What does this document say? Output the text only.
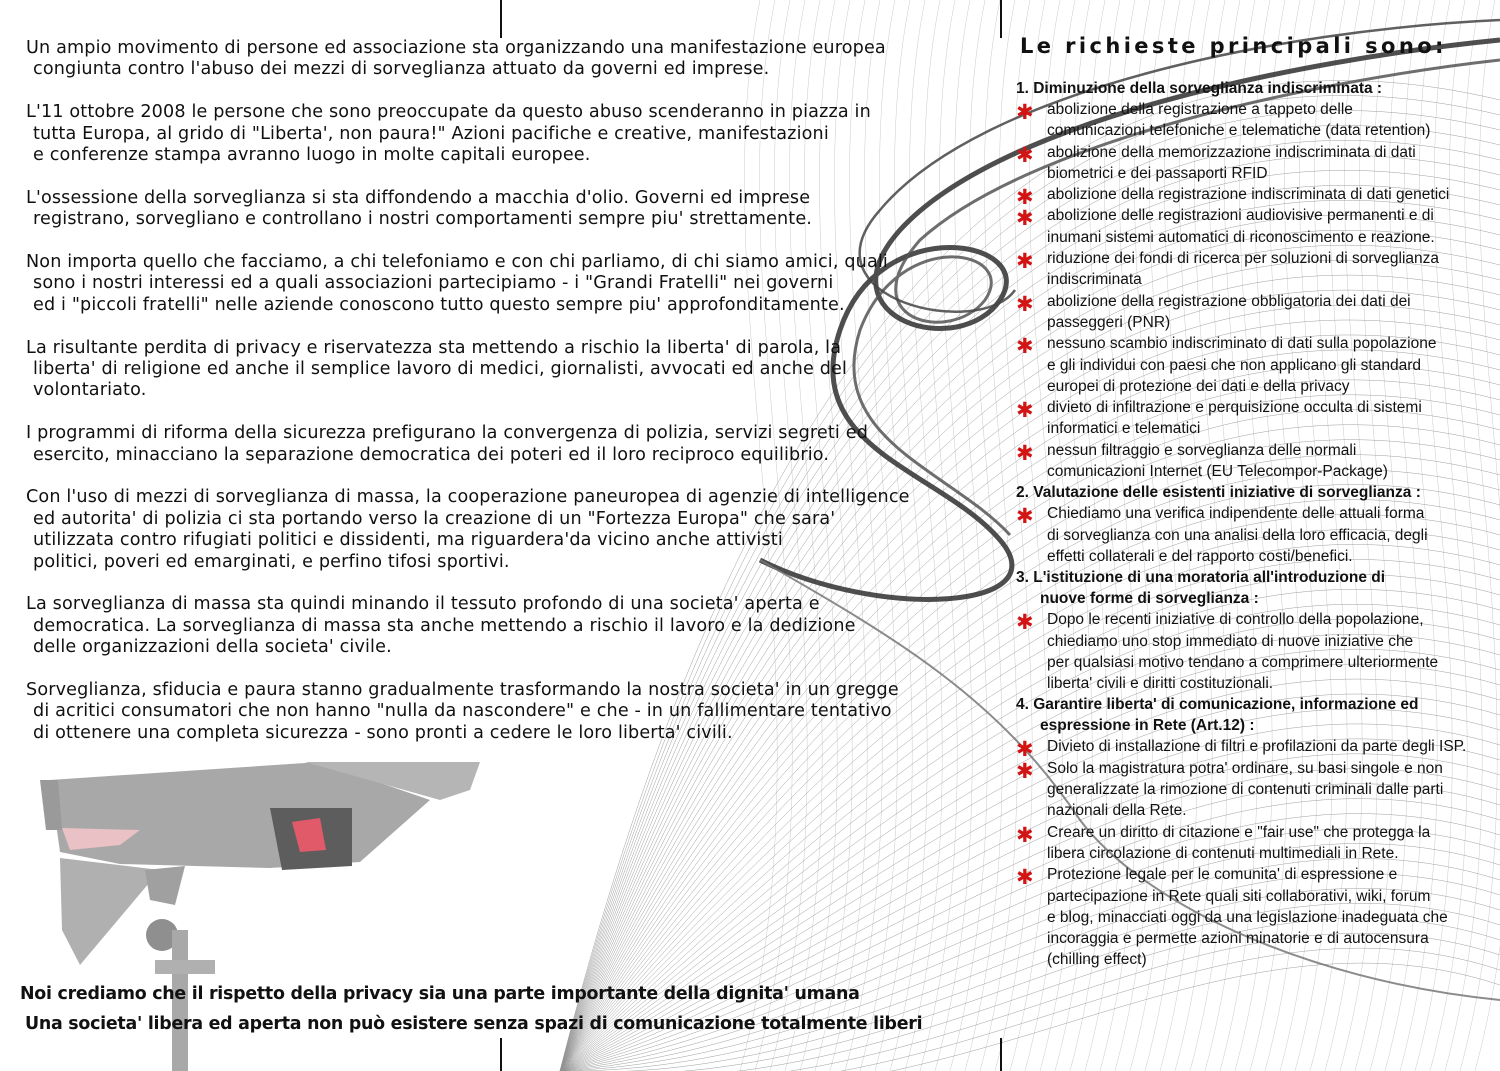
Un ampio movimento di persone ed associazione sta organizzando una manifestazione europea
congiunta contro l'abuso dei mezzi di sorveglianza attuato da governi ed imprese.
L'11 ottobre 2008 le persone che sono preoccupate da questo abuso scenderanno in piazza in
tutta Europa, al grido di "Liberta', non paura!" Azioni pacifiche e creative, manifestazioni
e conferenze stampa avranno luogo in molte capitali europee.
L'ossessione della sorveglianza si sta diffondendo a macchia d'olio. Governi ed imprese
registrano, sorvegliano e controllano i nostri comportamenti sempre piu' strettamente.
Non importa quello che facciamo, a chi telefoniamo e con chi parliamo, di chi siamo amici, quali
sono i nostri interessi ed a quali associazioni partecipiamo - i "Grandi Fratelli" nei governi
ed i "piccoli fratelli" nelle aziende conoscono tutto questo sempre piu' approfonditamente.
La risultante perdita di privacy e riservatezza sta mettendo a rischio la liberta' di parola, la
liberta' di religione ed anche il semplice lavoro di medici, giornalisti, avvocati ed anche del
volontariato.
I programmi di riforma della sicurezza prefigurano la convergenza di polizia, servizi segreti ed
esercito, minacciano la separazione democratica dei poteri ed il loro reciproco equilibrio.
Con l'uso di mezzi di sorveglianza di massa, la cooperazione paneuropea di agenzie di intelligence
ed autorita' di polizia ci sta portando verso la creazione di un "Fortezza Europa" che sara'
utilizzata contro rifugiati politici e dissidenti, ma riguardera'da vicino anche attivisti
politici, poveri ed emarginati, e perfino tifosi sportivi.
La sorveglianza di massa sta quindi minando il tessuto profondo di una societa' aperta e
democratica. La sorveglianza di massa sta anche mettendo a rischio il lavoro e la dedizione
delle organizzazioni della societa' civile.
Sorveglianza, sfiducia e paura stanno gradualmente trasformando la nostra societa' in un gregge
di acritici consumatori che non hanno "nulla da nascondere" e che - in un fallimentare tentativo
di ottenere una completa sicurezza - sono pronti a cedere le loro liberta' civili.
Le richieste principali sono:
1. Diminuzione della sorveglianza indiscriminata :
✱ abolizione della registrazione a tappeto delle
comunicazioni telefoniche e telematiche (data retention)
✱ abolizione della memorizzazione indiscriminata di dati
biometrici e dei passaporti RFID
✱ abolizione della registrazione indiscriminata di dati genetici
✱ abolizione delle registrazioni audiovisive permanenti e di
inumani sistemi automatici di riconoscimento e reazione.
✱ riduzione dei fondi di ricerca per soluzioni di sorveglianza
indiscriminata
✱ abolizione della registrazione obbligatoria dei dati dei
passeggeri (PNR)
✱ nessuno scambio indiscriminato di dati sulla popolazione
e gli individui con paesi che non applicano gli standard
europei di protezione dei dati e della privacy
✱ divieto di infiltrazione e perquisizione occulta di sistemi
informatici e telematici
✱ nessun filtraggio e sorveglianza delle normali
comunicazioni Internet (EU Telecompor-Package)
2. Valutazione delle esistenti iniziative di sorveglianza :
✱ Chiediamo una verifica indipendente delle attuali forma
di sorveglianza con una analisi della loro efficacia, degli
effetti collaterali e del rapporto costi/benefici.
3. L'istituzione di una moratoria all'introduzione di
nuove forme di sorveglianza :
✱ Dopo le recenti iniziative di controllo della popolazione,
chiediamo uno stop immediato di nuove iniziative che
per qualsiasi motivo tendano a comprimere ulteriormente
liberta' civili e diritti costituzionali.
4. Garantire liberta' di comunicazione, informazione ed
espressione in Rete (Art.12) :
✱ Divieto di installazione di filtri e profilazioni da parte degli ISP.
✱ Solo la magistratura potra' ordinare, su basi singole e non
generalizzate la rimozione di contenuti criminali dalle parti
nazionali della Rete.
✱ Creare un diritto di citazione e "fair use" che protegga la
libera circolazione di contenuti multimediali in Rete.
✱ Protezione legale per le comunita' di espressione e
partecipazione in Rete quali siti collaborativi, wiki, forum
e blog, minacciati oggi da una legislazione inadeguata che
incoraggia e permette azioni minatorie e di autocensura
(chilling effect)
Noi crediamo che il rispetto della privacy sia una parte importante della dignita' umana
Una societa' libera ed aperta non può esistere senza spazi di comunicazione totalmente liberi
